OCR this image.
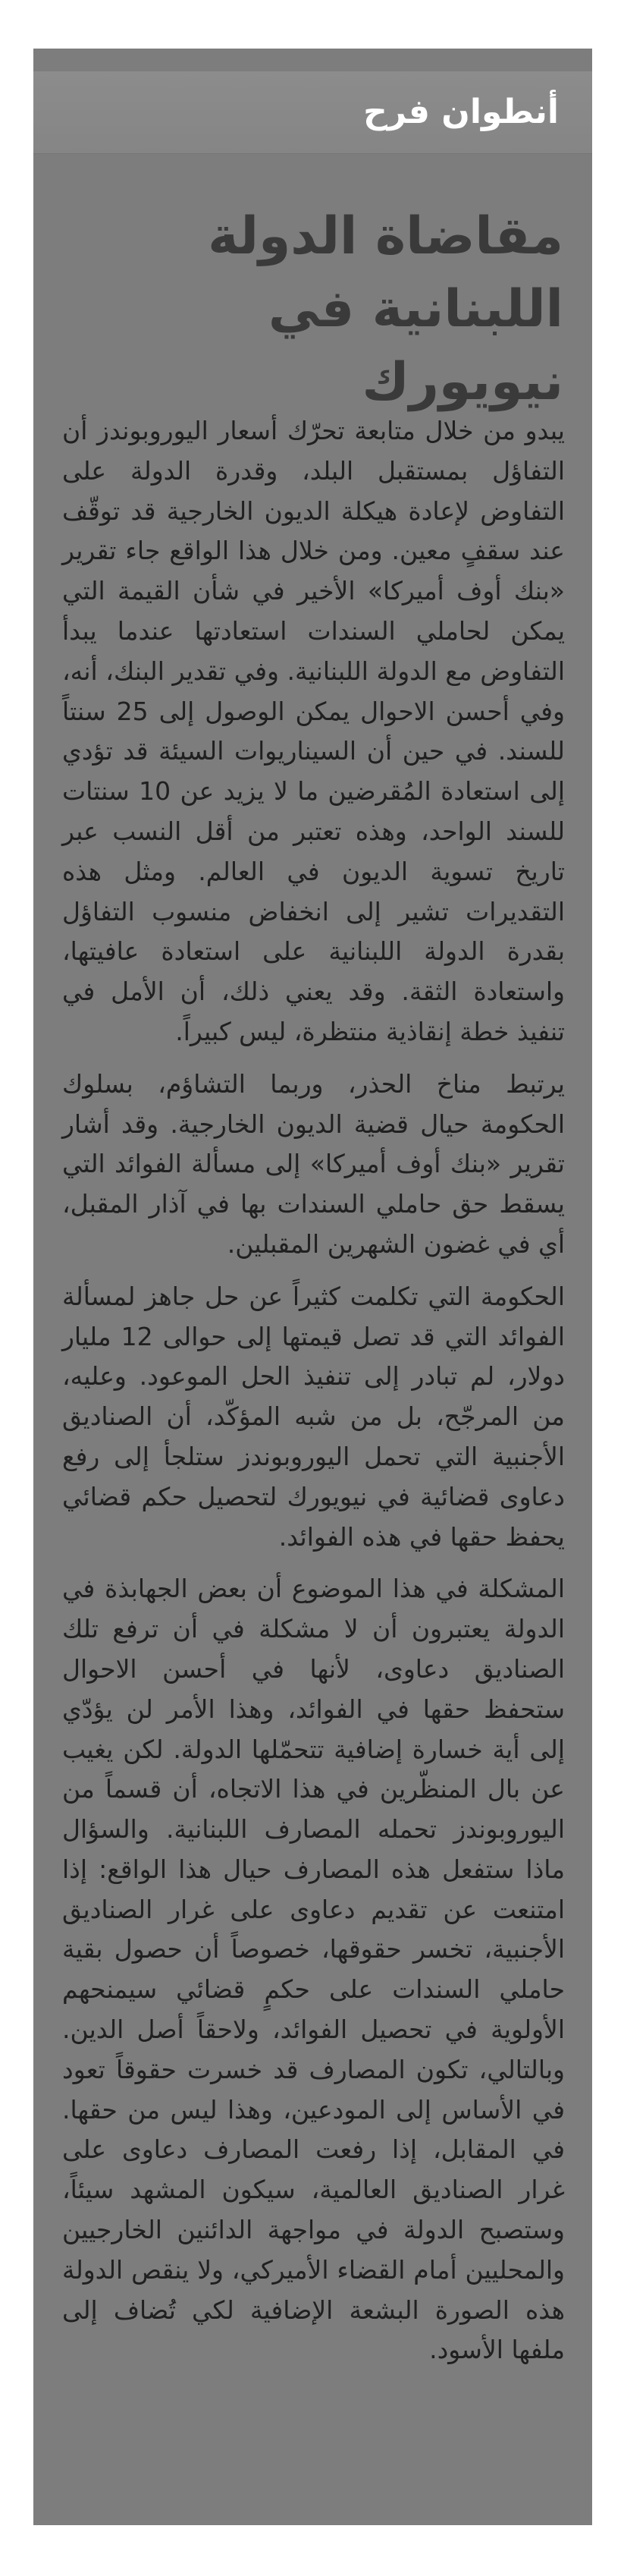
أنطوان فرح
مقاضاة الدولة اللبنانية في نيويورك

يبدو من خلال متابعة تحرّك أسعار اليوروبوندز أن التفاؤل بمستقبل البلد، وقدرة الدولة على التفاوض لإعادة هيكلة الديون الخارجية قد توقّف عند سقفٍ معين. ومن خلال هذا الواقع جاء تقرير «بنك أوف أميركا» الأخير في شأن القيمة التي يمكن لحاملي السندات استعادتها عندما يبدأ التفاوض مع الدولة اللبنانية. وفي تقدير البنك، أنه، وفي أحسن الاحوال يمكن الوصول إلى 25 سنتاً للسند. في حين أن السيناريوات السيئة قد تؤدي إلى استعادة المُقرضين ما لا يزيد عن 10 سنتات للسند الواحد، وهذه تعتبر من أقل النسب عبر تاريخ تسوية الديون في العالم. ومثل هذه التقديرات تشير إلى انخفاض منسوب التفاؤل بقدرة الدولة اللبنانية على استعادة عافيتها، واستعادة الثقة. وقد يعني ذلك، أن الأمل في تنفيذ خطة إنقاذية منتظرة، ليس كبيراً.

يرتبط مناخ الحذر، وربما التشاؤم، بسلوك الحكومة حيال قضية الديون الخارجية. وقد أشار تقرير «بنك أوف أميركا» إلى مسألة الفوائد التي يسقط حق حاملي السندات بها في آذار المقبل، أي في غضون الشهرين المقبلين.

الحكومة التي تكلمت كثيراً عن حل جاهز لمسألة الفوائد التي قد تصل قيمتها إلى حوالى 12 مليار دولار، لم تبادر إلى تنفيذ الحل الموعود. وعليه، من المرجّح، بل من شبه المؤكّد، أن الصناديق الأجنبية التي تحمل اليوروبوندز ستلجأ إلى رفع دعاوى قضائية في نيويورك لتحصيل حكم قضائي يحفظ حقها في هذه الفوائد.

المشكلة في هذا الموضوع أن بعض الجهابذة في الدولة يعتبرون أن لا مشكلة في أن ترفع تلك الصناديق دعاوى، لأنها في أحسن الاحوال ستحفظ حقها في الفوائد، وهذا الأمر لن يؤدّي إلى أية خسارة إضافية تتحمّلها الدولة. لكن يغيب عن بال المنظّرين في هذا الاتجاه، أن قسماً من اليوروبوندز تحمله المصارف اللبنانية. والسؤال ماذا ستفعل هذه المصارف حيال هذا الواقع: إذا امتنعت عن تقديم دعاوى على غرار الصناديق الأجنبية، تخسر حقوقها، خصوصاً أن حصول بقية حاملي السندات على حكمٍ قضائي سيمنحهم الأولوية في تحصيل الفوائد، ولاحقاً أصل الدين. وبالتالي، تكون المصارف قد خسرت حقوقاً تعود في الأساس إلى المودعين، وهذا ليس من حقها. في المقابل، إذا رفعت المصارف دعاوى على غرار الصناديق العالمية، سيكون المشهد سيئاً، وستصبح الدولة في مواجهة الدائنين الخارجيين والمحليين أمام القضاء الأميركي، ولا ينقص الدولة هذه الصورة البشعة الإضافية لكي تُضاف إلى ملفها الأسود.
